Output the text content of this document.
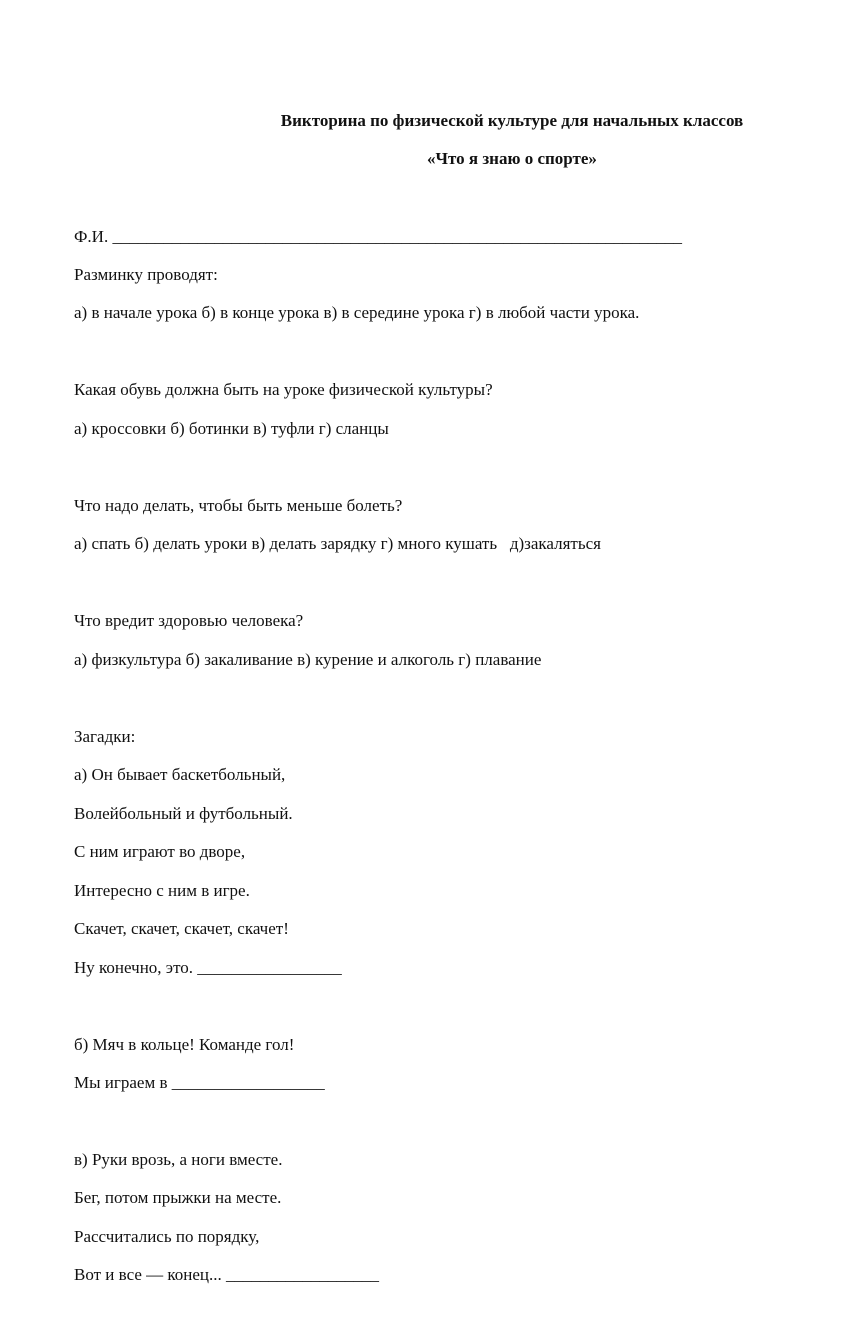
Викторина по физической культуре для начальных классов
«Что я знаю о спорте»
Ф.И. ___________________________________________________________________
Разминку проводят:
а) в начале урока б) в конце урока в) в середине урока г) в любой части урока.
Какая обувь должна быть на уроке физической культуры?
а) кроссовки б) ботинки в) туфли г) сланцы
Что надо делать, чтобы быть меньше болеть?
а) спать б) делать уроки в) делать зарядку г) много кушать   д)закаляться
Что вредит здоровью человека?
а) физкультура б) закаливание в) курение и алкоголь г) плавание
Загадки:
а) Он бывает баскетбольный,
Волейбольный и футбольный.
С ним играют во дворе,
Интересно с ним в игре.
Скачет, скачет, скачет, скачет!
Ну конечно, это. _________________
б) Мяч в кольце! Команде гол!
Мы играем в __________________
в) Руки врозь, а ноги вместе.
Бег, потом прыжки на месте.
Рассчитались по порядку,
Вот и все — конец... __________________
